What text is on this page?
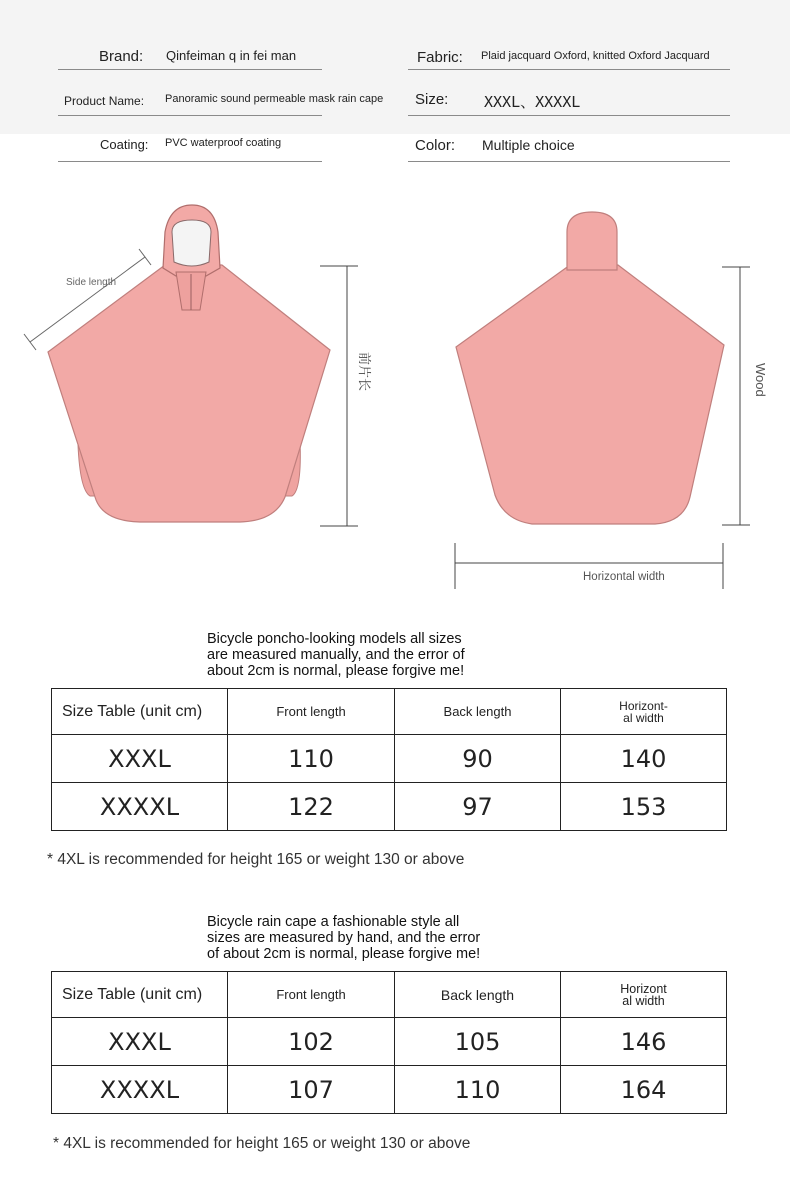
Brand: Qinfeiman q in fei man	Fabric: Plaid jacquard Oxford, knitted Oxford Jacquard
Product Name: Panoramic sound permeable mask rain cape Size: XXXL、XXXXL
Coating: PVC waterproof coating	Color: Multiple choice
Side length
前片长	Wood
Horizontal width
Bicycle poncho-looking models all sizes
are measured manually, and the error of
about 2cm is normal, please forgive me!
Size Table (unit cm)	Front length	Back length	Horizont-
al width

XXXL	110	90	140
XXXXL	122	97	153
* 4XL is recommended for height 165 or weight 130 or above
Bicycle rain cape a fashionable style all
sizes are measured by hand, and the error
of about 2cm is normal, please forgive me!
Size Table (unit cm)	Front length	Back length	Horizont
al width

XXXL	102	105	146
XXXXL	107	110	164
* 4XL is recommended for height 165 or weight 130 or above
